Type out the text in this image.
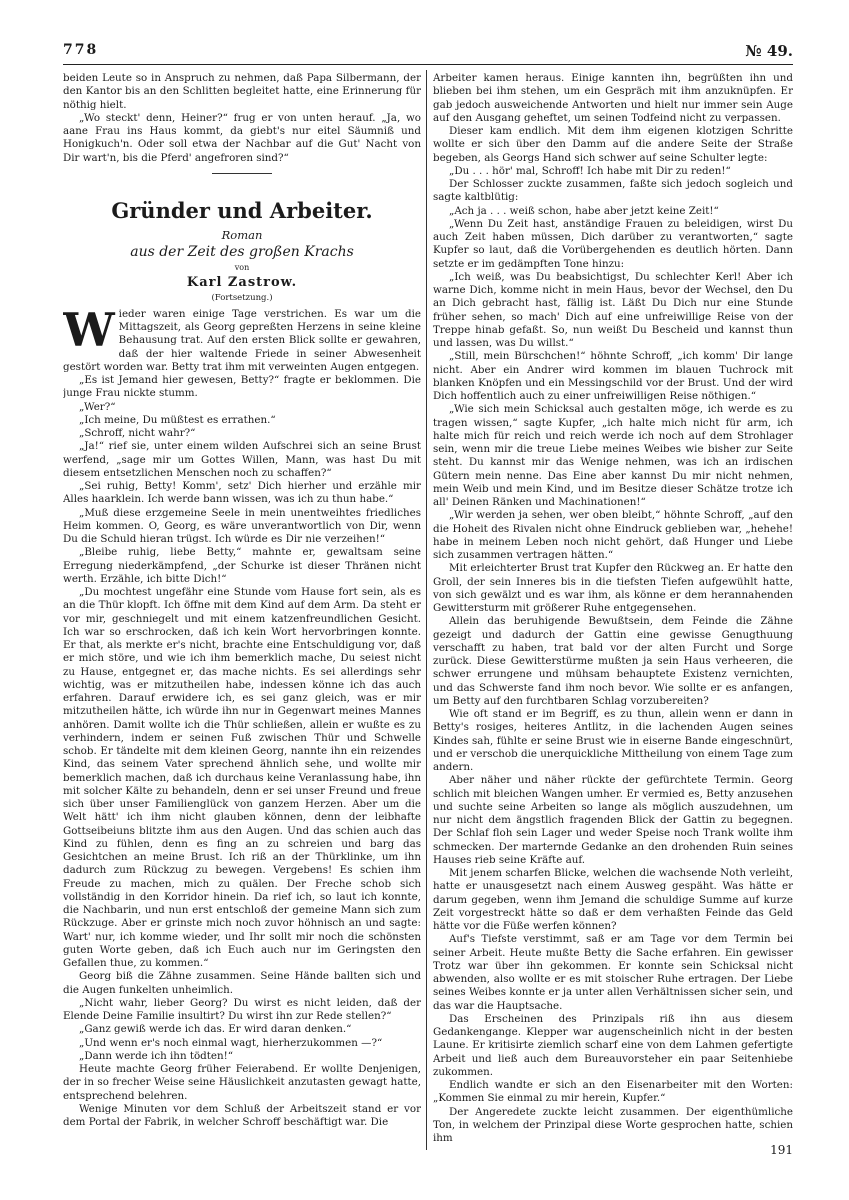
778	№ 49.

beiden Leute so in Anspruch zu nehmen, daß Papa Silbermann, der den Kantor bis an den Schlitten begleitet hatte, eine Erinnerung für nöthig hielt.

„Wo steckt' denn, Heiner?“ frug er von unten herauf. „Ja, wo aane Frau ins Haus kommt, da giebt's nur eitel Säumniß und Honigkuch'n. Oder soll etwa der Nachbar auf die Gut' Nacht von Dir wart'n, bis die Pferd' angefroren sind?“

Gründer und Arbeiter.
Roman
aus der Zeit des großen Krachs
von
Karl Zastrow.
(Fortsetzung.)

Wieder waren einige Tage verstrichen. Es war um die Mittagszeit, als Georg gepreßten Herzens in seine kleine Behausung trat. Auf den ersten Blick sollte er gewahren, daß der hier waltende Friede in seiner Abwesenheit gestört worden war. Betty trat ihm mit verweinten Augen entgegen.

„Es ist Jemand hier gewesen, Betty?“ fragte er beklommen. Die junge Frau nickte stumm.

„Wer?“

„Ich meine, Du müßtest es errathen.“

„Schroff, nicht wahr?“

„Ja!“ rief sie, unter einem wilden Aufschrei sich an seine Brust werfend, „sage mir um Gottes Willen, Mann, was hast Du mit diesem entsetzlichen Menschen noch zu schaffen?“

„Sei ruhig, Betty! Komm', setz' Dich hierher und erzähle mir Alles haarklein. Ich werde bann wissen, was ich zu thun habe.“

„Muß diese erzgemeine Seele in mein unentweihtes friedliches Heim kommen. O, Georg, es wäre unverantwortlich von Dir, wenn Du die Schuld hieran trügst. Ich würde es Dir nie verzeihen!“

„Bleibe ruhig, liebe Betty,“ mahnte er, gewaltsam seine Erregung niederkämpfend, „der Schurke ist dieser Thränen nicht werth. Erzähle, ich bitte Dich!“

„Du mochtest ungefähr eine Stunde vom Hause fort sein, als es an die Thür klopft. Ich öffne mit dem Kind auf dem Arm. Da steht er vor mir, geschniegelt und mit einem katzenfreundlichen Gesicht. Ich war so erschrocken, daß ich kein Wort hervorbringen konnte. Er that, als merkte er's nicht, brachte eine Entschuldigung vor, daß er mich störe, und wie ich ihm bemerklich mache, Du seiest nicht zu Hause, entgegnet er, das mache nichts. Es sei allerdings sehr wichtig, was er mitzutheilen habe, indessen könne ich das auch erfahren. Darauf erwidere ich, es sei ganz gleich, was er mir mitzutheilen hätte, ich würde ihn nur in Gegenwart meines Mannes anhören. Damit wollte ich die Thür schließen, allein er wußte es zu verhindern, indem er seinen Fuß zwischen Thür und Schwelle schob. Er tändelte mit dem kleinen Georg, nannte ihn ein reizendes Kind, das seinem Vater sprechend ähnlich sehe, und wollte mir bemerklich machen, daß ich durchaus keine Veranlassung habe, ihn mit solcher Kälte zu behandeln, denn er sei unser Freund und freue sich über unser Familienglück von ganzem Herzen. Aber um die Welt hätt' ich ihm nicht glauben können, denn der leibhafte Gottseibeiuns blitzte ihm aus den Augen. Und das schien auch das Kind zu fühlen, denn es fing an zu schreien und barg das Gesichtchen an meine Brust. Ich riß an der Thürklinke, um ihn dadurch zum Rückzug zu bewegen. Vergebens! Es schien ihm Freude zu machen, mich zu quälen. Der Freche schob sich vollständig in den Korridor hinein. Da rief ich, so laut ich konnte, die Nachbarin, und nun erst entschloß der gemeine Mann sich zum Rückzuge. Aber er grinste mich noch zuvor höhnisch an und sagte: Wart' nur, ich komme wieder, und Ihr sollt mir noch die schönsten guten Worte geben, daß ich Euch auch nur im Geringsten den Gefallen thue, zu kommen.“

Georg biß die Zähne zusammen. Seine Hände ballten sich und die Augen funkelten unheimlich.

„Nicht wahr, lieber Georg? Du wirst es nicht leiden, daß der Elende Deine Familie insultirt? Du wirst ihn zur Rede stellen?“

„Ganz gewiß werde ich das. Er wird daran denken.“

„Und wenn er's noch einmal wagt, hierherzukommen —?“

„Dann werde ich ihn tödten!“

Heute machte Georg früher Feierabend. Er wollte Denjenigen, der in so frecher Weise seine Häuslichkeit anzutasten gewagt hatte, entsprechend belehren.

Wenige Minuten vor dem Schluß der Arbeitszeit stand er vor dem Portal der Fabrik, in welcher Schroff beschäftigt war. Die

Arbeiter kamen heraus. Einige kannten ihn, begrüßten ihn und blieben bei ihm stehen, um ein Gespräch mit ihm anzuknüpfen. Er gab jedoch ausweichende Antworten und hielt nur immer sein Auge auf den Ausgang geheftet, um seinen Todfeind nicht zu verpassen.

Dieser kam endlich. Mit dem ihm eigenen klotzigen Schritte wollte er sich über den Damm auf die andere Seite der Straße begeben, als Georgs Hand sich schwer auf seine Schulter legte:

„Du . . . hör' mal, Schroff! Ich habe mit Dir zu reden!“

Der Schlosser zuckte zusammen, faßte sich jedoch sogleich und sagte kaltblütig:

„Ach ja . . . weiß schon, habe aber jetzt keine Zeit!“

„Wenn Du Zeit hast, anständige Frauen zu beleidigen, wirst Du auch Zeit haben müssen, Dich darüber zu verantworten,“ sagte Kupfer so laut, daß die Vorübergehenden es deutlich hörten. Dann setzte er im gedämpften Tone hinzu:

„Ich weiß, was Du beabsichtigst, Du schlechter Kerl! Aber ich warne Dich, komme nicht in mein Haus, bevor der Wechsel, den Du an Dich gebracht hast, fällig ist. Läßt Du Dich nur eine Stunde früher sehen, so mach' Dich auf eine unfreiwillige Reise von der Treppe hinab gefaßt. So, nun weißt Du Bescheid und kannst thun und lassen, was Du willst.“

„Still, mein Bürschchen!“ höhnte Schroff, „ich komm' Dir lange nicht. Aber ein Andrer wird kommen im blauen Tuchrock mit blanken Knöpfen und ein Messingschild vor der Brust. Und der wird Dich hoffentlich auch zu einer unfreiwilligen Reise nöthigen.“

„Wie sich mein Schicksal auch gestalten möge, ich werde es zu tragen wissen,“ sagte Kupfer, „ich halte mich nicht für arm, ich halte mich für reich und reich werde ich noch auf dem Strohlager sein, wenn mir die treue Liebe meines Weibes wie bisher zur Seite steht. Du kannst mir das Wenige nehmen, was ich an irdischen Gütern mein nenne. Das Eine aber kannst Du mir nicht nehmen, mein Weib und mein Kind, und im Besitze dieser Schätze trotze ich all' Deinen Ränken und Machinationen!“

„Wir werden ja sehen, wer oben bleibt,“ höhnte Schroff, „auf den die Hoheit des Rivalen nicht ohne Eindruck geblieben war, „hehehe! habe in meinem Leben noch nicht gehört, daß Hunger und Liebe sich zusammen vertragen hätten.“

Mit erleichterter Brust trat Kupfer den Rückweg an. Er hatte den Groll, der sein Inneres bis in die tiefsten Tiefen aufgewühlt hatte, von sich gewälzt und es war ihm, als könne er dem herannahenden Gewittersturm mit größerer Ruhe entgegensehen.

Allein das beruhigende Bewußtsein, dem Feinde die Zähne gezeigt und dadurch der Gattin eine gewisse Genugthuung verschafft zu haben, trat bald vor der alten Furcht und Sorge zurück. Diese Gewitterstürme mußten ja sein Haus verheeren, die schwer errungene und mühsam behauptete Existenz vernichten, und das Schwerste fand ihm noch bevor. Wie sollte er es anfangen, um Betty auf den furchtbaren Schlag vorzubereiten?

Wie oft stand er im Begriff, es zu thun, allein wenn er dann in Betty's rosiges, heiteres Antlitz, in die lachenden Augen seines Kindes sah, fühlte er seine Brust wie in eiserne Bande eingeschnürt, und er verschob die unerquickliche Mittheilung von einem Tage zum andern.

Aber näher und näher rückte der gefürchtete Termin. Georg schlich mit bleichen Wangen umher. Er vermied es, Betty anzusehen und suchte seine Arbeiten so lange als möglich auszudehnen, um nur nicht dem ängstlich fragenden Blick der Gattin zu begegnen. Der Schlaf floh sein Lager und weder Speise noch Trank wollte ihm schmecken. Der marternde Gedanke an den drohenden Ruin seines Hauses rieb seine Kräfte auf.

Mit jenem scharfen Blicke, welchen die wachsende Noth verleiht, hatte er unausgesetzt nach einem Ausweg gespäht. Was hätte er darum gegeben, wenn ihm Jemand die schuldige Summe auf kurze Zeit vorgestreckt hätte so daß er dem verhaßten Feinde das Geld hätte vor die Füße werfen können?

Auf's Tiefste verstimmt, saß er am Tage vor dem Termin bei seiner Arbeit. Heute mußte Betty die Sache erfahren. Ein gewisser Trotz war über ihn gekommen. Er konnte sein Schicksal nicht abwenden, also wollte er es mit stoischer Ruhe ertragen. Der Liebe seines Weibes konnte er ja unter allen Verhältnissen sicher sein, und das war die Hauptsache.

Das Erscheinen des Prinzipals riß ihn aus diesem Gedankengange. Klepper war augenscheinlich nicht in der besten Laune. Er kritisirte ziemlich scharf eine von dem Lahmen gefertigte Arbeit und ließ auch dem Bureauvorsteher ein paar Seitenhiebe zukommen.

Endlich wandte er sich an den Eisenarbeiter mit den Worten: „Kommen Sie einmal zu mir herein, Kupfer.“

Der Angeredete zuckte leicht zusammen. Der eigenthümliche Ton, in welchem der Prinzipal diese Worte gesprochen hatte, schien ihm

191
